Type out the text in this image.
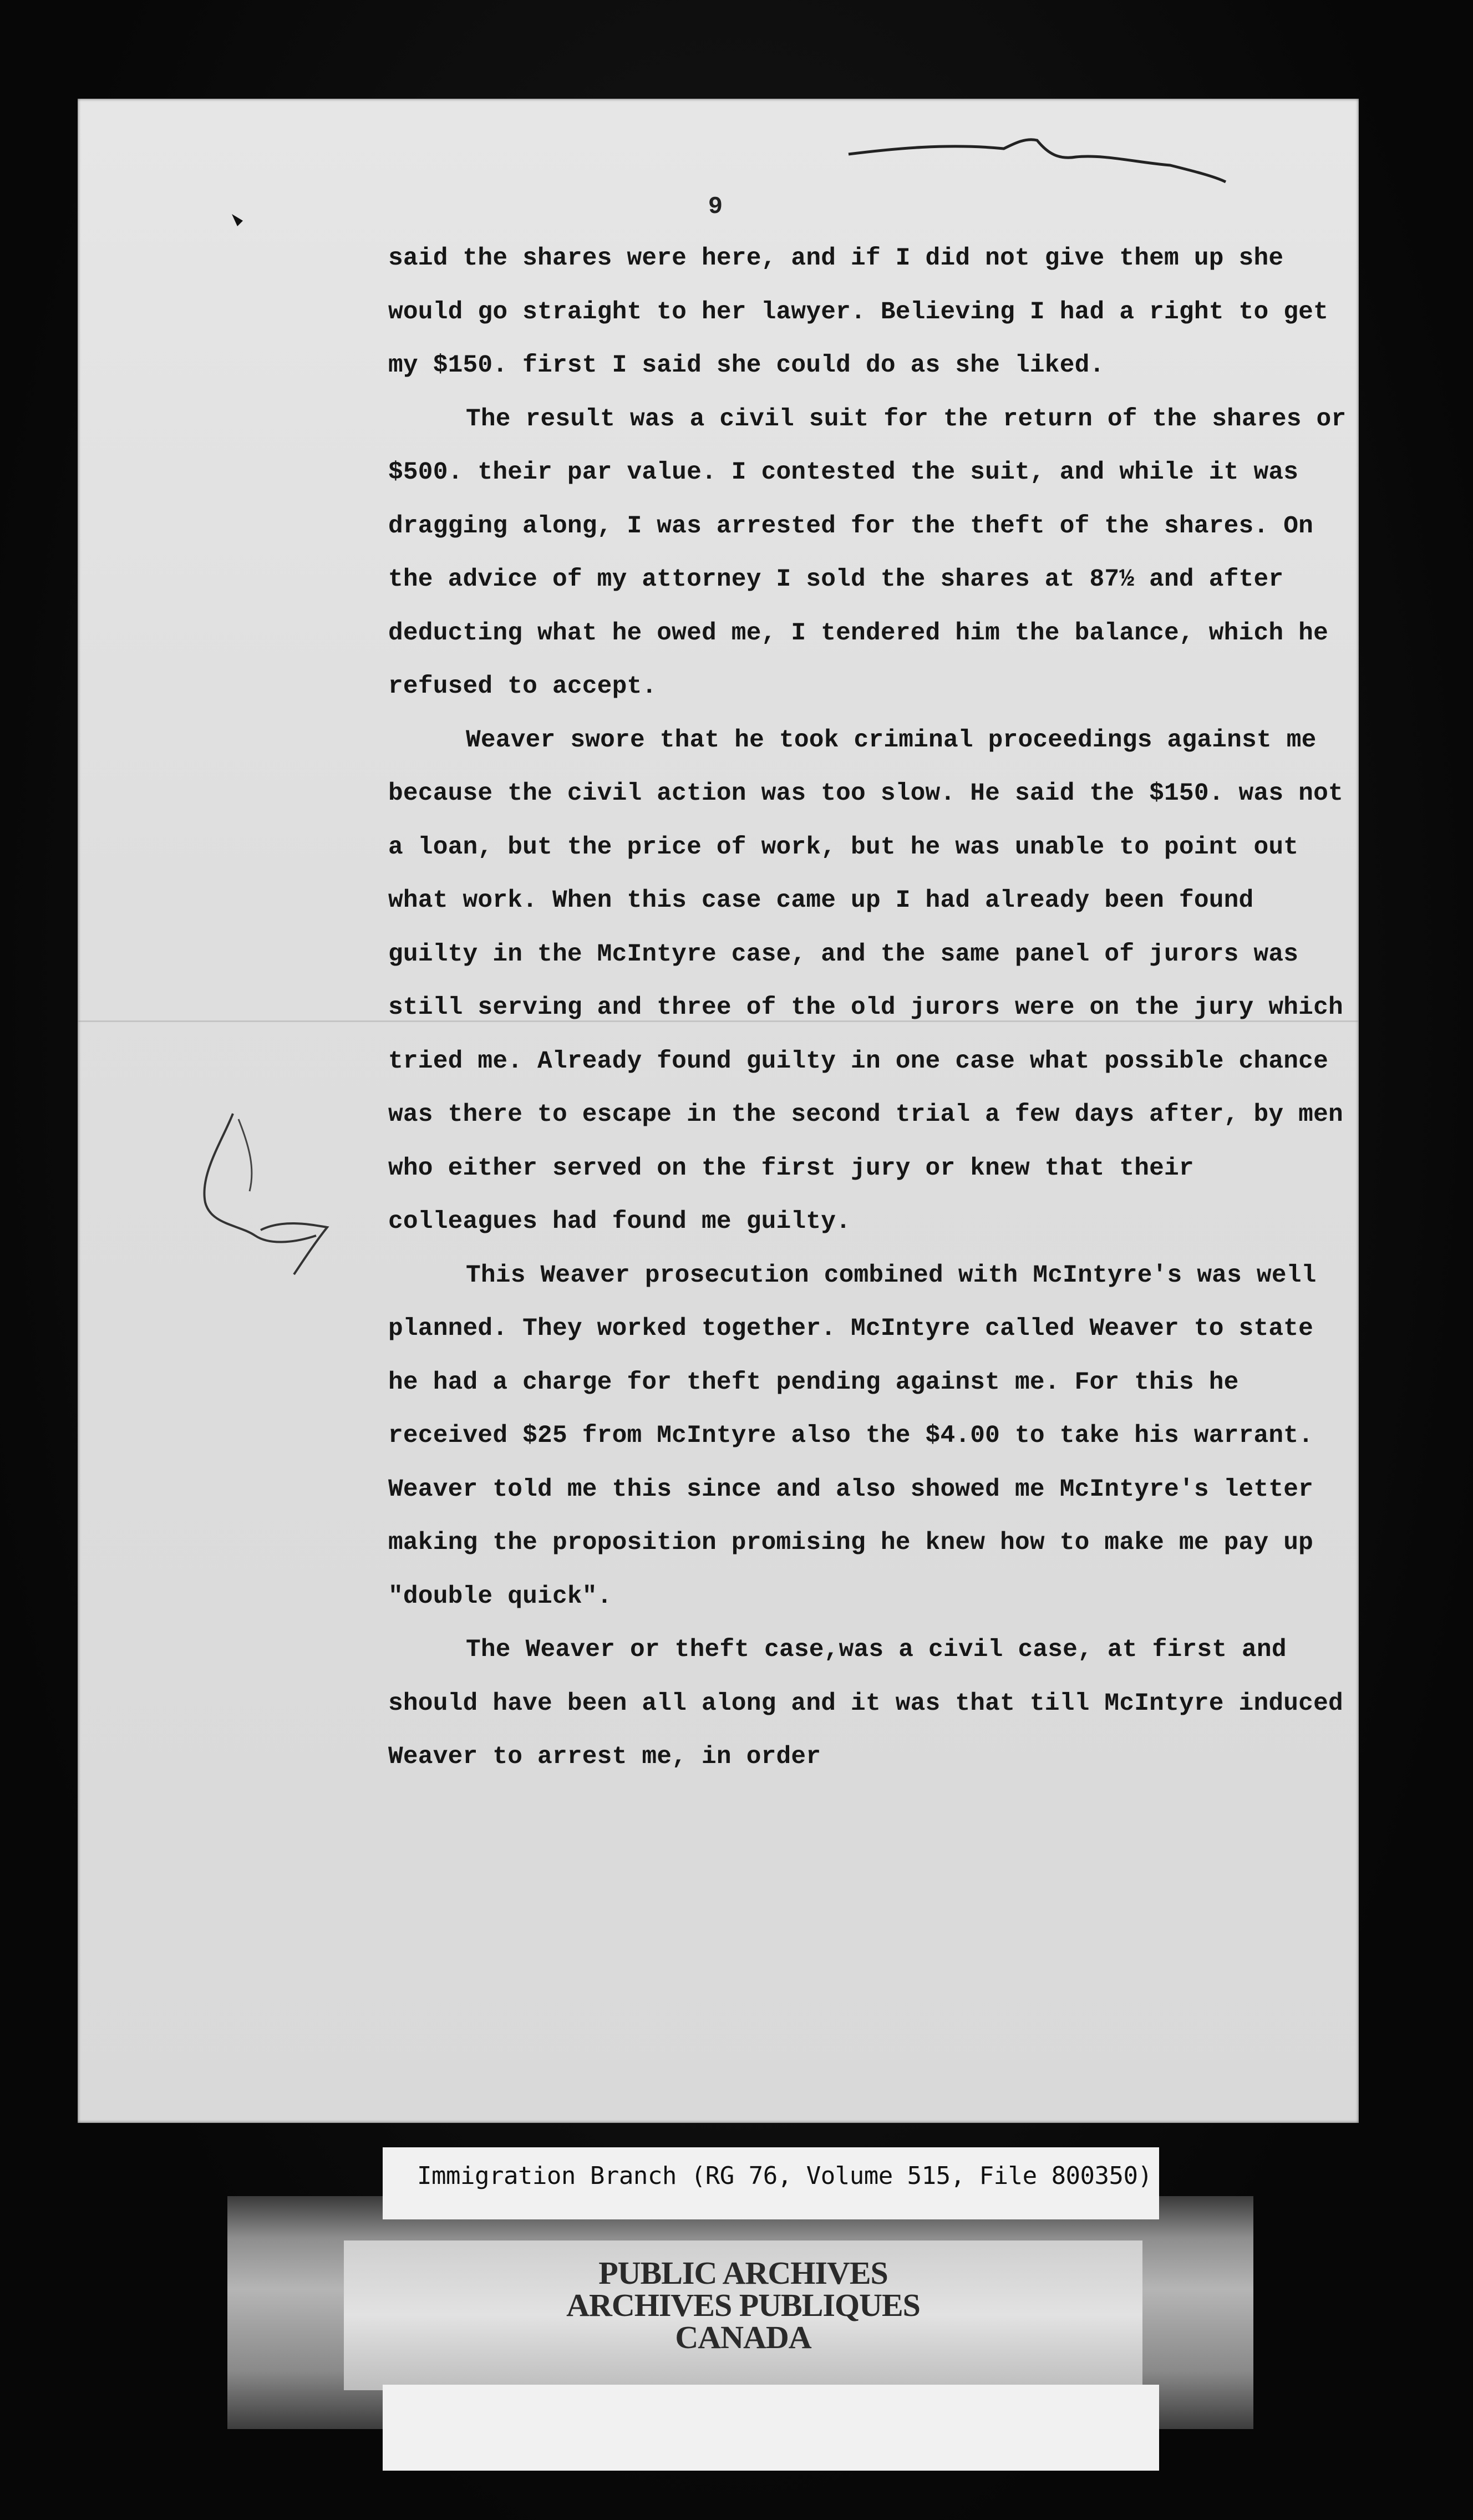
9

said the shares were here, and if I did not give them up she would go straight to her lawyer. Believing I had a right to get my $150. first I said she could do as she liked.

The result was a civil suit for the return of the shares or $500. their par value. I contested the suit, and while it was dragging along, I was arrested for the theft of the shares. On the advice of my attorney I sold the shares at 87½ and after deducting what he owed me, I tendered him the balance, which he refused to accept.

Weaver swore that he took criminal proceedings against me because the civil action was too slow. He said the $150. was not a loan, but the price of work, but he was unable to point out what work. When this case came up I had already been found guilty in the McIntyre case, and the same panel of jurors was still serving and three of the old jurors were on the jury which tried me. Already found guilty in one case what possible chance was there to escape in the second trial a few days after, by men who either served on the first jury or knew that their colleagues had found me guilty.

This Weaver prosecution combined with McIntyre's was well planned. They worked together. McIntyre called Weaver to state he had a charge for theft pending against me. For this he received $25 from McIntyre also the $4.00 to take his warrant. Weaver told me this since and also showed me McIntyre's letter making the proposition promising he knew how to make me pay up "double quick".

The Weaver or theft case,was a civil case, at first and should have been all along and it was that till McIntyre induced Weaver to arrest me, in order

PUBLIC ARCHIVES
ARCHIVES PUBLIQUES
CANADA
Immigration Branch (RG 76, Volume 515, File 800350)
